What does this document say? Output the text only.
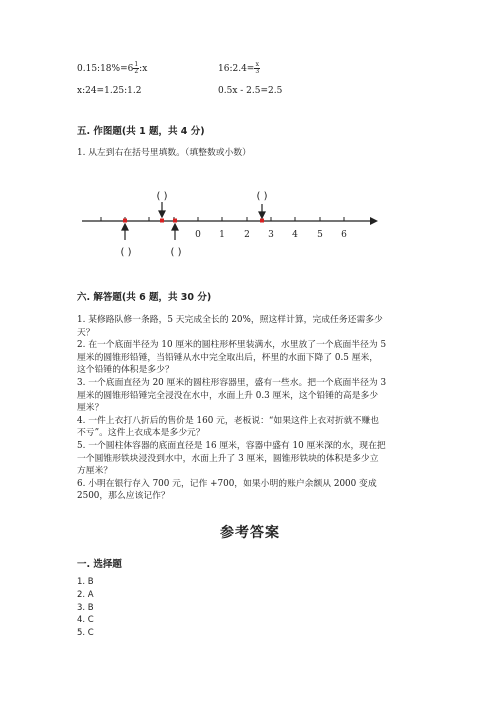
0.15:18%=6 $\frac{1}{2}$ :x	16:2.4= $\frac{x}{3}$
x:24=1.25:1.2	0.5x - 2.5=2.5
五. 作图题(共 1 题，共 4 分)
1. 从左到右在括号里填数。（填整数或小数）
0 1 2 3 4 5 6
( )	( )
( )	( )
六. 解答题(共 6 题，共 30 分)
1. 某修路队修一条路，5 天完成全长的 20%，照这样计算，完成任务还需多少
天？
2. 在一个底面半径为 10 厘米的圆柱形杯里装满水，水里放了一个底面半径为 5
厘米的圆锥形铅锤，当铅锤从水中完全取出后，杯里的水面下降了 0.5 厘米，
这个铅锤的体积是多少？
3. 一个底面直径为 20 厘米的圆柱形容器里，盛有一些水。把一个底面半径为 3
厘米的圆锥形铅锤完全浸没在水中，水面上升 0.3 厘米，这个铅锤的高是多少
厘米？
4. 一件上衣打八折后的售价是 160 元，老板说：“如果这件上衣对折就不赚也
不亏”。这件上衣成本是多少元？
5. 一个圆柱体容器的底面直径是 16 厘米，容器中盛有 10 厘米深的水，现在把
一个圆锥形铁块浸没到水中，水面上升了 3 厘米，圆锥形铁块的体积是多少立
方厘米？
6. 小明在银行存入 700 元，记作 +700，如果小明的账户余额从 2000 变成
2500，那么应该记作？
参考答案
一. 选择题
1. B
2. A
3. B
4. C
5. C
